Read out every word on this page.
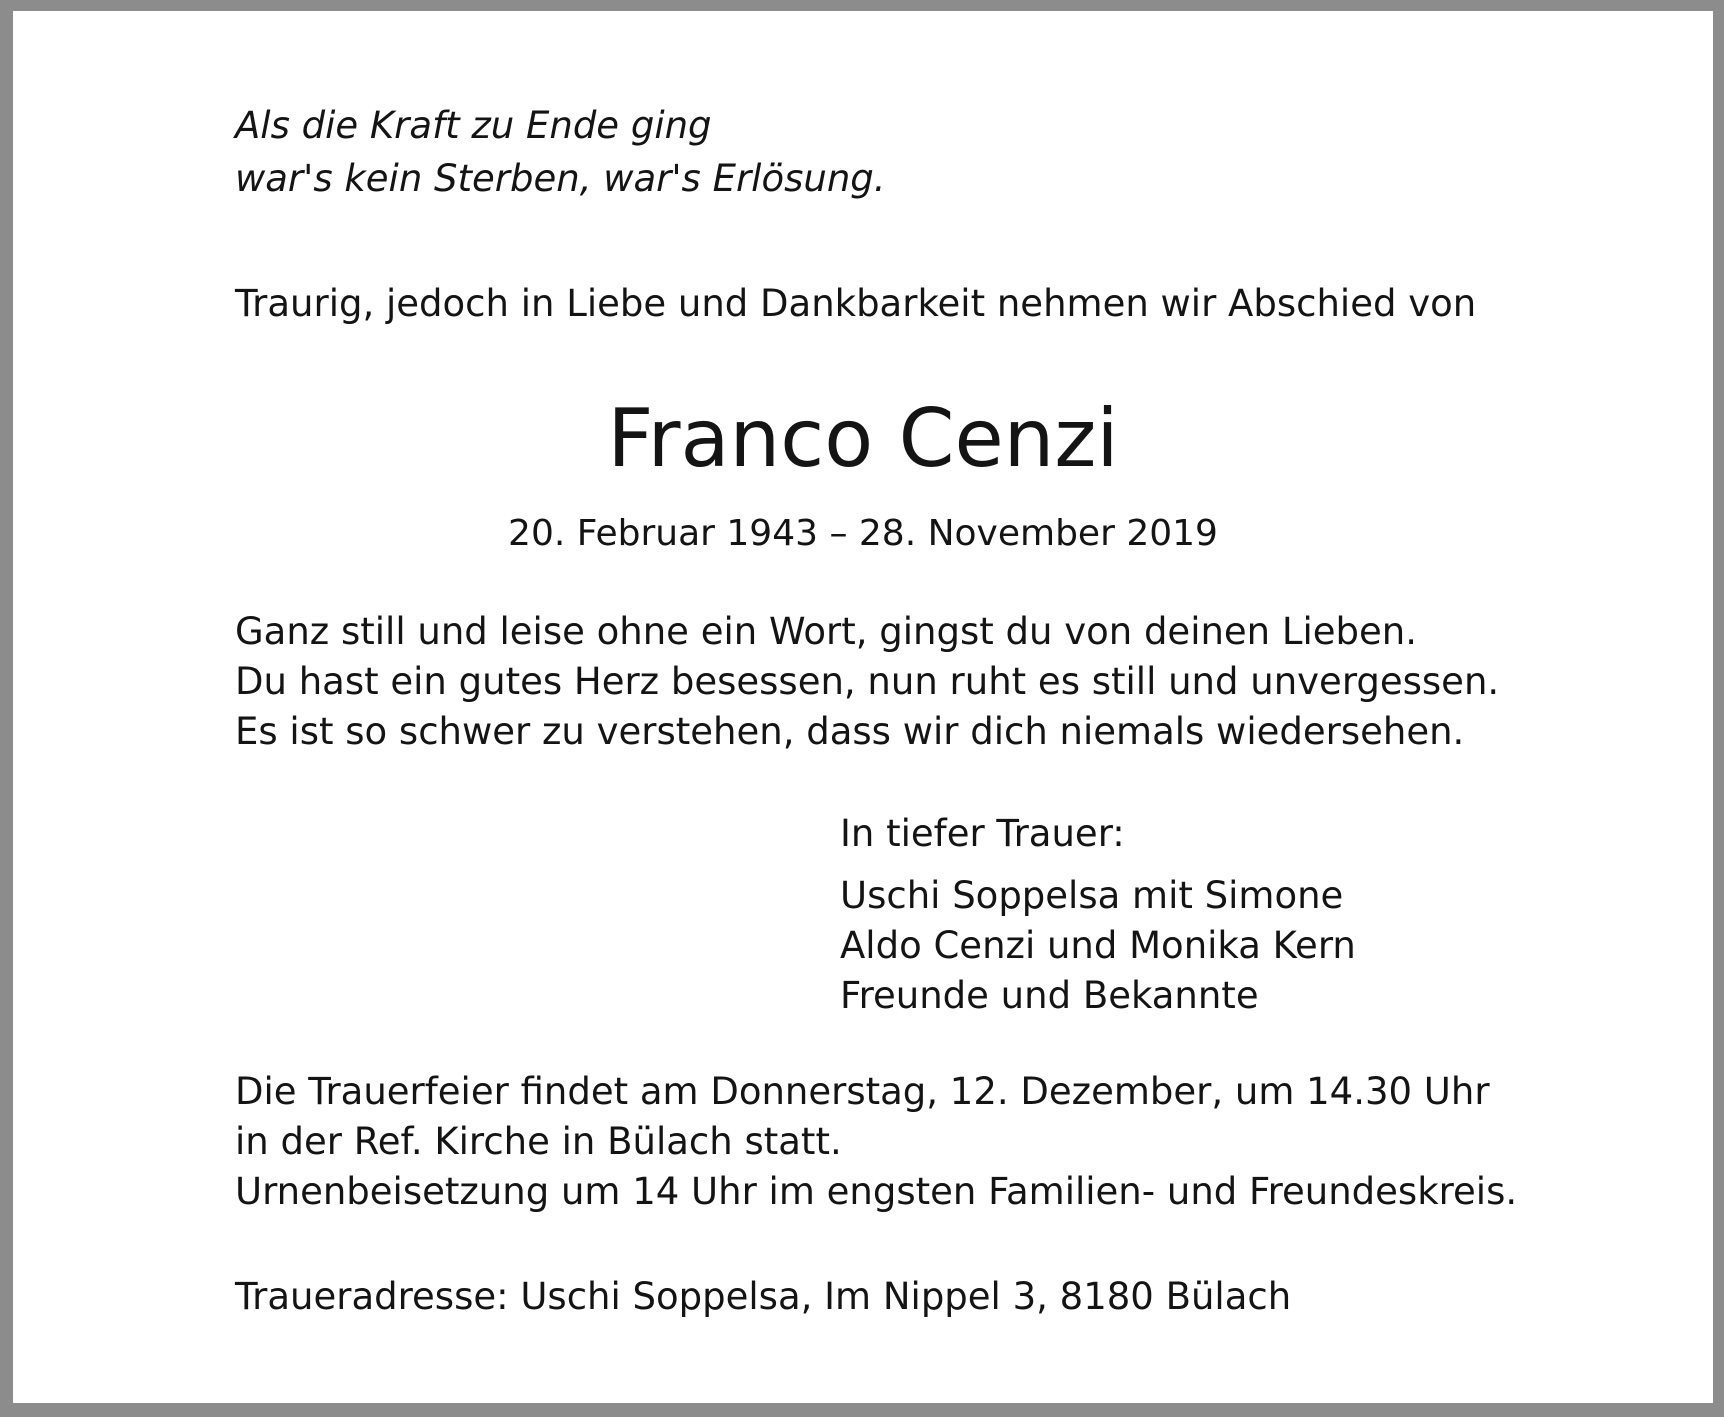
Als die Kraft zu Ende ging
war's kein Sterben, war's Erlösung.

Traurig, jedoch in Liebe und Dankbarkeit nehmen wir Abschied von

Franco Cenzi

20. Februar 1943 – 28. November 2019

Ganz still und leise ohne ein Wort, gingst du von deinen Lieben.
Du hast ein gutes Herz besessen, nun ruht es still und unvergessen.
Es ist so schwer zu verstehen, dass wir dich niemals wiedersehen.

In tiefer Trauer:

Uschi Soppelsa mit Simone
Aldo Cenzi und Monika Kern
Freunde und Bekannte

Die Trauerfeier findet am Donnerstag, 12. Dezember, um 14.30 Uhr
in der Ref. Kirche in Bülach statt.
Urnenbeisetzung um 14 Uhr im engsten Familien- und Freundeskreis.

Traueradresse: Uschi Soppelsa, Im Nippel 3, 8180 Bülach
